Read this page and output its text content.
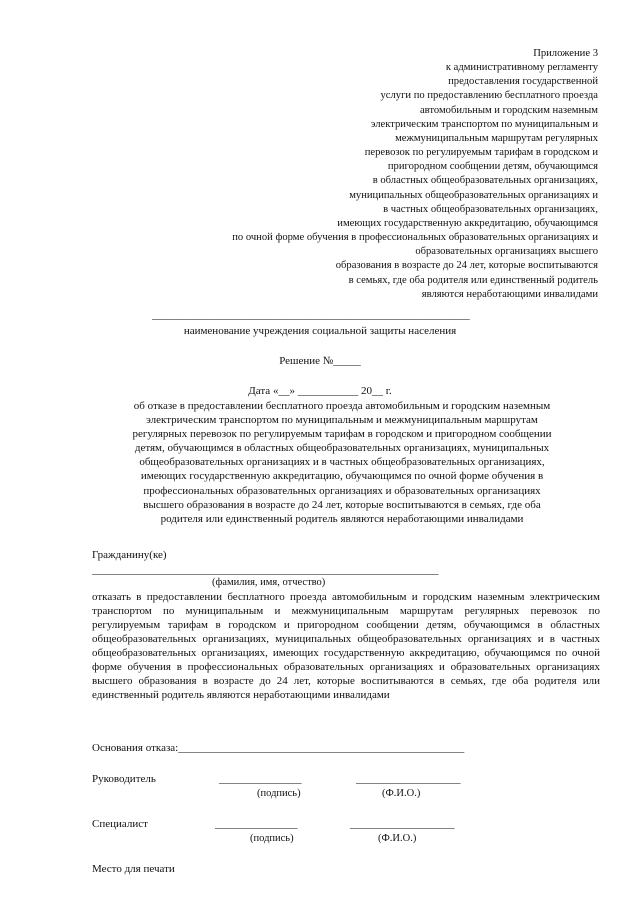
Приложение 3
к административному регламенту
предоставления государственной
услуги по предоставлению бесплатного проезда
автомобильным и городским наземным
электрическим транспортом по муниципальным и
межмуниципальным маршрутам регулярных
перевозок по регулируемым тарифам в городском и
пригородном сообщении детям, обучающимся
в областных общеобразовательных организациях,
муниципальных общеобразовательных организациях и
в частных общеобразовательных организациях,
имеющих государственную аккредитацию, обучающимся
по очной форме обучения в профессиональных образовательных организациях и
образовательных организациях высшего
образования в возрасте до 24 лет, которые воспитываются
в семьях, где оба родителя или единственный родитель
являются неработающими инвалидами
____________________________________________________________
наименование учреждения социальной защиты населения
Решение №_____
Дата «__» ___________ 20__ г.
об отказе в предоставлении бесплатного проезда автомобильным и городским наземным
электрическим транспортом по муниципальным и межмуниципальным маршрутам
регулярных перевозок по регулируемым тарифам в городском и пригородном сообщении
детям, обучающимся в областных общеобразовательных организациях, муниципальных
общеобразовательных организациях и в частных общеобразовательных организациях,
имеющих государственную аккредитацию, обучающимся по очной форме обучения в
профессиональных образовательных организациях и образовательных организациях
высшего образования в возрасте до 24 лет, которые воспитываются в семьях, где оба
родителя или единственный родитель являются неработающими инвалидами
Гражданину(ке)
_______________________________________________________________
(фамилия, имя, отчество)
отказать в предоставлении бесплатного проезда автомобильным и городским наземным электрическим транспортом по муниципальным и межмуниципальным маршрутам регулярных перевозок по регулируемым тарифам в городском и пригородном сообщении детям, обучающимся в областных общеобразовательных организациях, муниципальных общеобразовательных организациях и в частных общеобразовательных организациях, имеющих государственную аккредитацию, обучающимся по очной форме обучения в профессиональных образовательных организациях и образовательных организациях высшего образования в возрасте до 24 лет, которые воспитываются в семьях, где оба родителя или единственный родитель являются неработающими инвалидами
Основания отказа:____________________________________________________
Руководитель	_______________	___________________
(подпись)	(Ф.И.О.)
Специалист	_______________	___________________
(подпись)	(Ф.И.О.)
Место для печати
